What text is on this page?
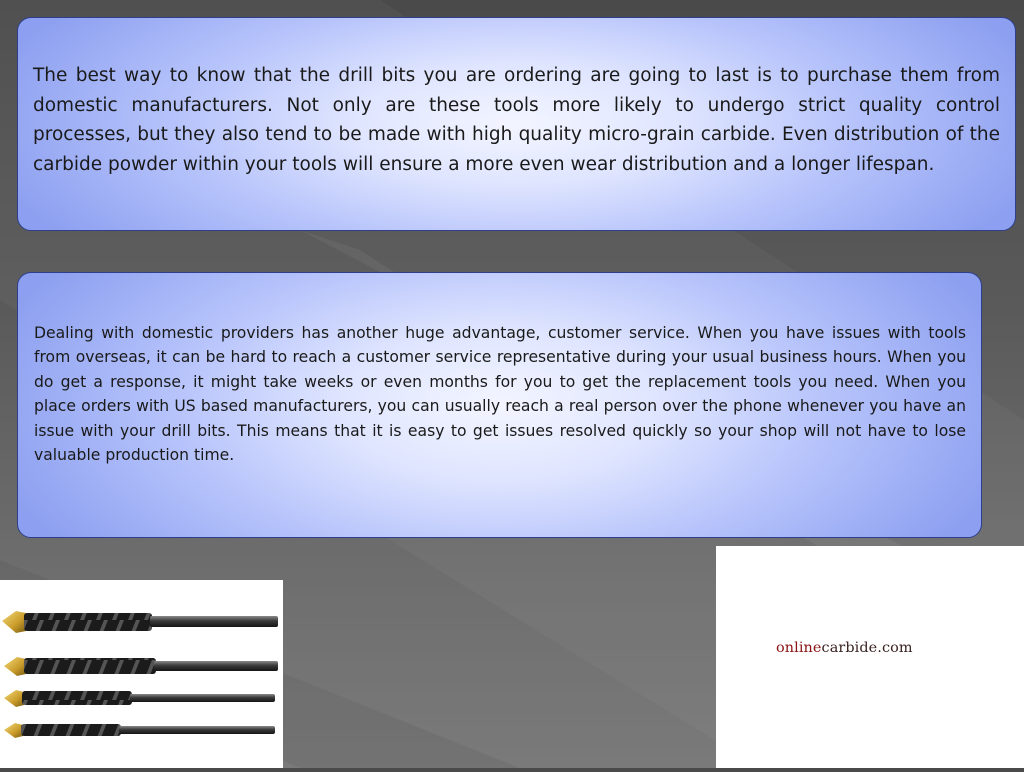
The best way to know that the drill bits you are ordering are going to last is to purchase them from domestic manufacturers. Not only are these tools more likely to undergo strict quality control processes, but they also tend to be made with high quality micro-grain carbide. Even distribution of the carbide powder within your tools will ensure a more even wear distribution and a longer lifespan.

Dealing with domestic providers has another huge advantage, customer service. When you have issues with tools from overseas, it can be hard to reach a customer service representative during your usual business hours. When you do get a response, it might take weeks or even months for you to get the replacement tools you need. When you place orders with US based manufacturers, you can usually reach a real person over the phone whenever you have an issue with your drill bits. This means that it is easy to get issues resolved quickly so your shop will not have to lose valuable production time.

onlinecarbide.com
